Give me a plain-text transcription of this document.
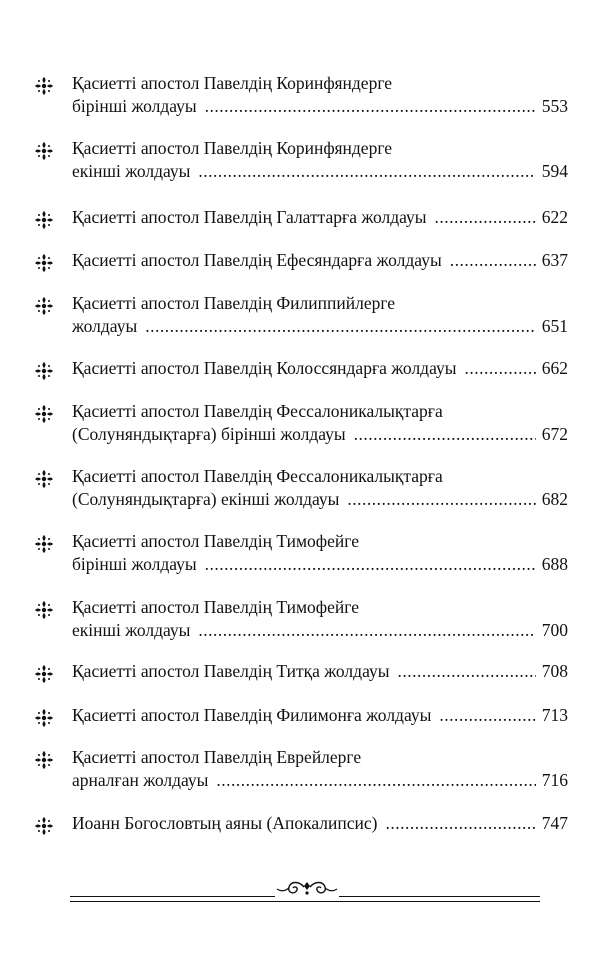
Қасиетті апостол Павелдің Коринфяндерге
бірінші жолдауы .....	553
Қасиетті апостол Павелдің Коринфяндерге
екінші жолдауы .....	594
Қасиетті апостол Павелдің Галаттарға жолдауы .....	622
Қасиетті апостол Павелдің Ефесяндарға жолдауы .....	637
Қасиетті апостол Павелдің Филиппийлерге
жолдауы .....	651
Қасиетті апостол Павелдің Колоссяндарға жолдауы .....	662
Қасиетті апостол Павелдің Фессалоникалықтарға
(Солуняндықтарға) бірінші жолдауы .....	672
Қасиетті апостол Павелдің Фессалоникалықтарға
(Солуняндықтарға) екінші жолдауы .....	682
Қасиетті апостол Павелдің Тимофейге
бірінші жолдауы .....	688
Қасиетті апостол Павелдің Тимофейге
екінші жолдауы .....	700
Қасиетті апостол Павелдің Титқа жолдауы .....	708
Қасиетті апостол Павелдің Филимонға жолдауы .....	713
Қасиетті апостол Павелдің Еврейлерге
арналған жолдауы .....	716
Иоанн Богословтың аяны (Апокалипсис) .....	747
